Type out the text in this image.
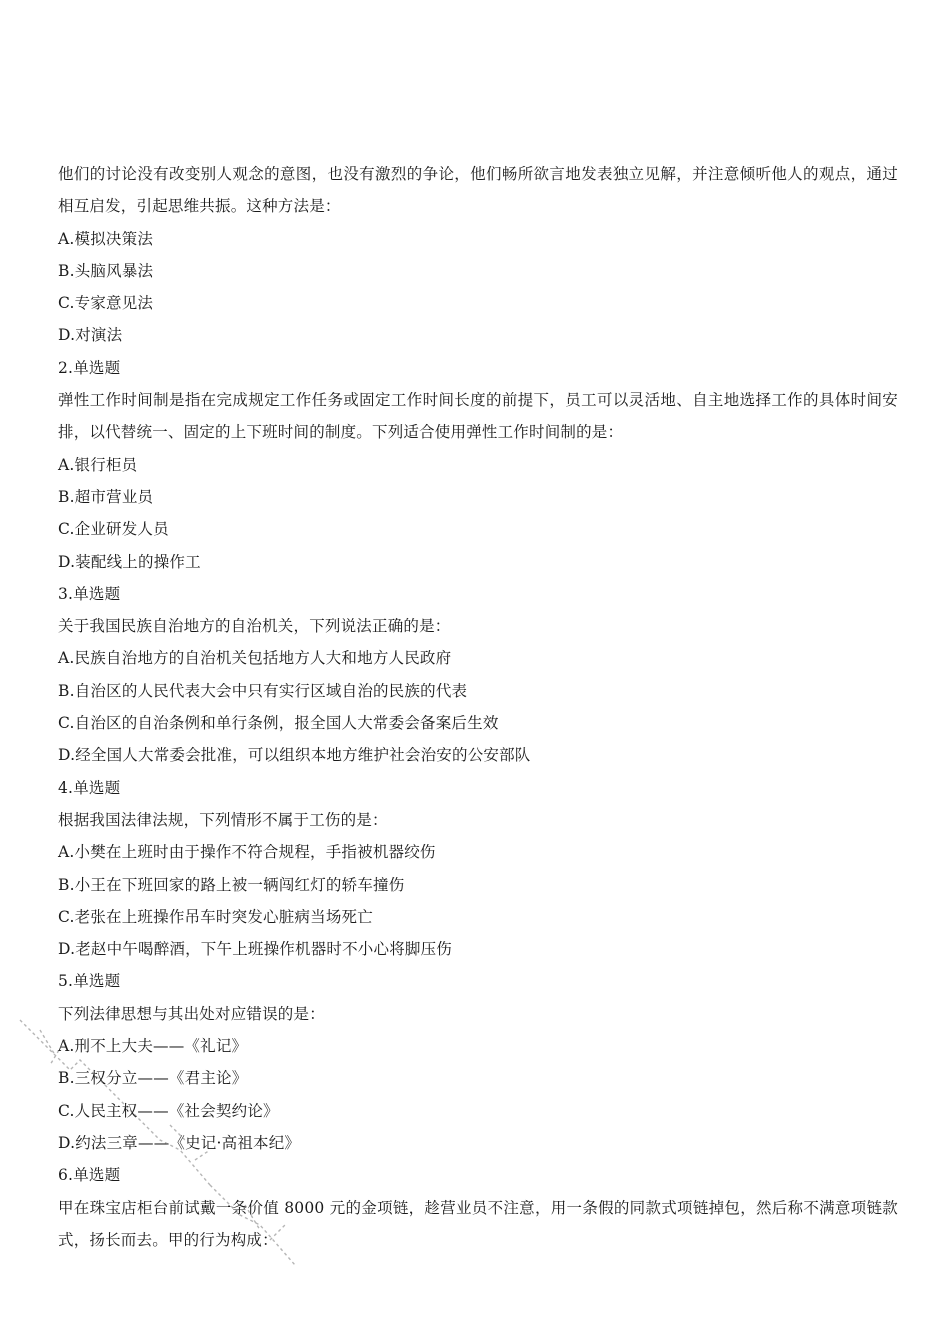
他们的讨论没有改变别人观念的意图，也没有激烈的争论，他们畅所欲言地发表独立见解，并注意倾听他人的观点，通过相互启发，引起思维共振。这种方法是：
A.模拟决策法
B.头脑风暴法
C.专家意见法
D.对演法
2.单选题
弹性工作时间制是指在完成规定工作任务或固定工作时间长度的前提下，员工可以灵活地、自主地选择工作的具体时间安排，以代替统一、固定的上下班时间的制度。下列适合使用弹性工作时间制的是：
A.银行柜员
B.超市营业员
C.企业研发人员
D.装配线上的操作工
3.单选题
关于我国民族自治地方的自治机关，下列说法正确的是：
A.民族自治地方的自治机关包括地方人大和地方人民政府
B.自治区的人民代表大会中只有实行区域自治的民族的代表
C.自治区的自治条例和单行条例，报全国人大常委会备案后生效
D.经全国人大常委会批准，可以组织本地方维护社会治安的公安部队
4.单选题
根据我国法律法规，下列情形不属于工伤的是：
A.小樊在上班时由于操作不符合规程，手指被机器绞伤
B.小王在下班回家的路上被一辆闯红灯的轿车撞伤
C.老张在上班操作吊车时突发心脏病当场死亡
D.老赵中午喝醉酒，下午上班操作机器时不小心将脚压伤
5.单选题
下列法律思想与其出处对应错误的是：
A.刑不上大夫——《礼记》
B.三权分立——《君主论》
C.人民主权——《社会契约论》
D.约法三章——《史记·高祖本纪》
6.单选题
甲在珠宝店柜台前试戴一条价值 8000 元的金项链，趁营业员不注意，用一条假的同款式项链掉包，然后称不满意项链款式，扬长而去。甲的行为构成：
